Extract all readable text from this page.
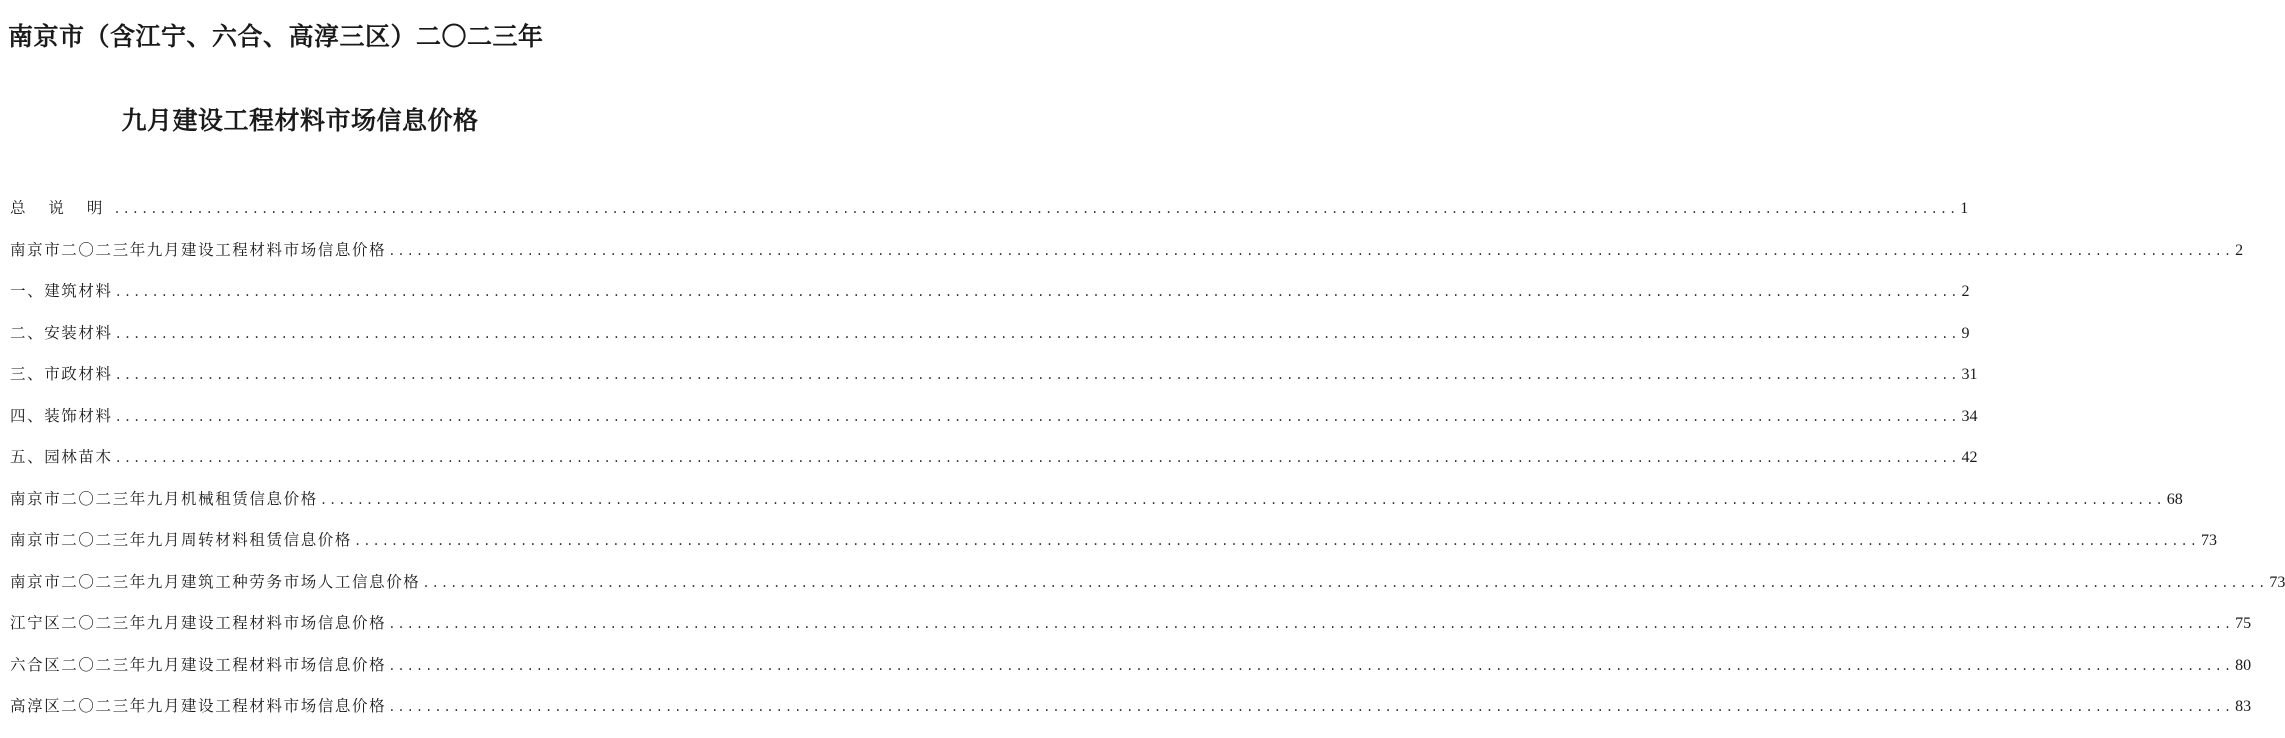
南京市（含江宁、六合、高淳三区）二〇二三年
九月建设工程材料市场信息价格
总 说 明 ........................................................................................................................................................................................................ 1
南京市二〇二三年九月建设工程材料市场信息价格 ........................................................................................................................................................................................................ 2
一、建筑材料 ........................................................................................................................................................................................................ 2
二、安装材料 ........................................................................................................................................................................................................ 9
三、市政材料 ........................................................................................................................................................................................................ 31
四、装饰材料 ........................................................................................................................................................................................................ 34
五、园林苗木 ........................................................................................................................................................................................................ 42
南京市二〇二三年九月机械租赁信息价格 ........................................................................................................................................................................................................ 68
南京市二〇二三年九月周转材料租赁信息价格 ........................................................................................................................................................................................................ 73
南京市二〇二三年九月建筑工种劳务市场人工信息价格 ........................................................................................................................................................................................................ 73
江宁区二〇二三年九月建设工程材料市场信息价格 ........................................................................................................................................................................................................ 75
六合区二〇二三年九月建设工程材料市场信息价格 ........................................................................................................................................................................................................ 80
高淳区二〇二三年九月建设工程材料市场信息价格 ........................................................................................................................................................................................................ 83
